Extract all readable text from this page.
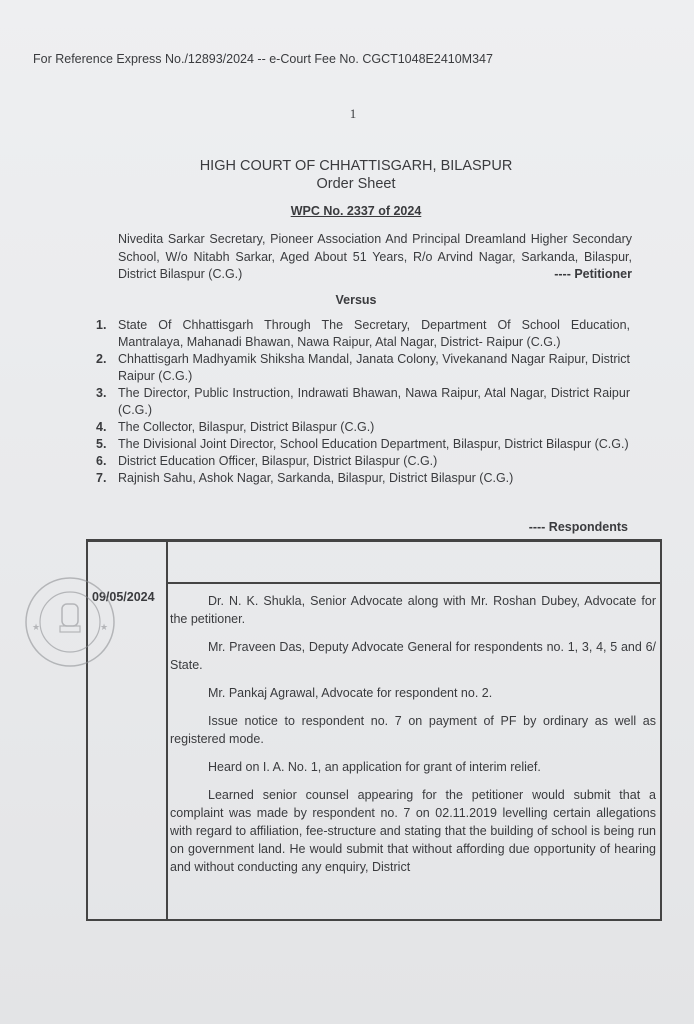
For Reference Express No./12893/2024 -- e-Court Fee No. CGCT1048E2410M347
1
HIGH COURT OF CHHATTISGARH, BILASPUR
Order Sheet
WPC No. 2337 of 2024
Nivedita Sarkar Secretary, Pioneer Association And Principal Dreamland Higher Secondary School, W/o Nitabh Sarkar, Aged About 51 Years, R/o Arvind Nagar, Sarkanda, Bilaspur, District Bilaspur (C.G.)	---- Petitioner
Versus
1. State Of Chhattisgarh Through The Secretary, Department Of School Education, Mantralaya, Mahanadi Bhawan, Nawa Raipur, Atal Nagar, District- Raipur (C.G.)
2. Chhattisgarh Madhyamik Shiksha Mandal, Janata Colony, Vivekanand Nagar Raipur, District Raipur (C.G.)
3. The Director, Public Instruction, Indrawati Bhawan, Nawa Raipur, Atal Nagar, District Raipur (C.G.)
4. The Collector, Bilaspur, District Bilaspur (C.G.)
5. The Divisional Joint Director, School Education Department, Bilaspur, District Bilaspur (C.G.)
6. District Education Officer, Bilaspur, District Bilaspur (C.G.)
7. Rajnish Sahu, Ashok Nagar, Sarkanda, Bilaspur, District Bilaspur (C.G.)
---- Respondents
09/05/2024	Dr. N. K. Shukla, Senior Advocate along with Mr. Roshan Dubey, Advocate for the petitioner.

Mr. Praveen Das, Deputy Advocate General for respondents no. 1, 3, 4, 5 and 6/ State.

Mr. Pankaj Agrawal, Advocate for respondent no. 2.

Issue notice to respondent no. 7 on payment of PF by ordinary as well as registered mode.

Heard on I. A. No. 1, an application for grant of interim relief.

Learned senior counsel appearing for the petitioner would submit that a complaint was made by respondent no. 7 on 02.11.2019 levelling certain allegations with regard to affiliation, fee-structure and stating that the building of school is being run on government land. He would submit that without affording due opportunity of hearing and without conducting any enquiry, District

★	★
